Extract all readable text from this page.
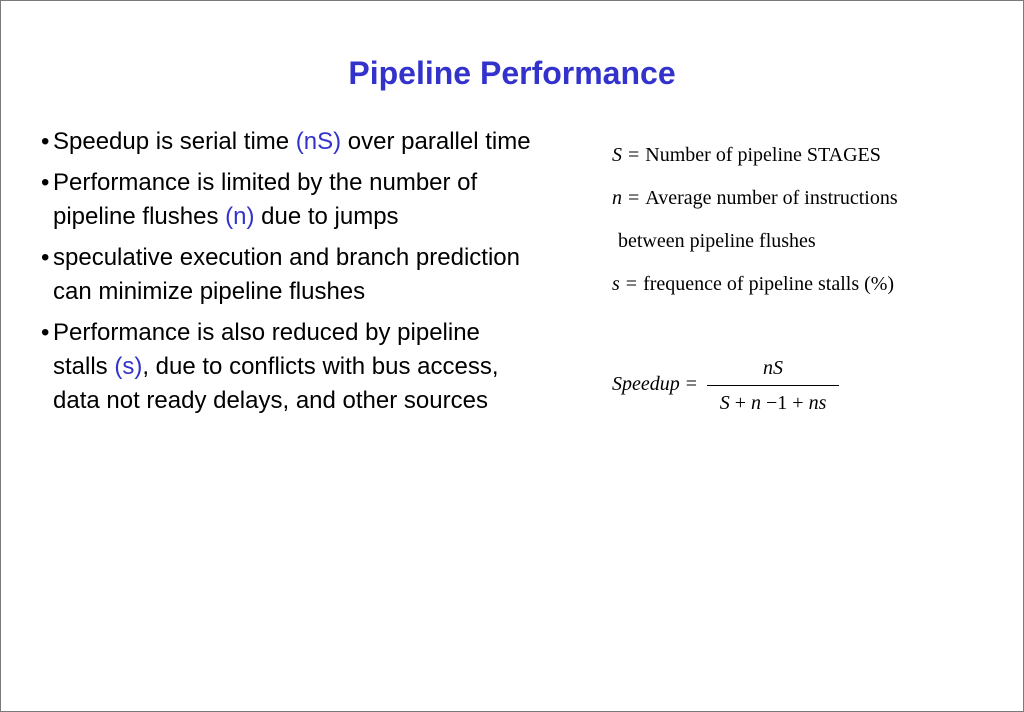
Pipeline Performance
• Speedup is serial time (nS) over parallel time
• Performance is limited by the number of pipeline flushes (n) due to jumps
• speculative execution and branch prediction can minimize pipeline flushes
• Performance is also reduced by pipeline stalls (s), due to conflicts with bus access, data not ready delays, and other sources
S = Number of pipeline STAGES
n = Average number of instructions
between pipeline flushes
s = frequence of pipeline stalls (%)
Speedup = $\frac{nS}{S + n -1 + ns}$
